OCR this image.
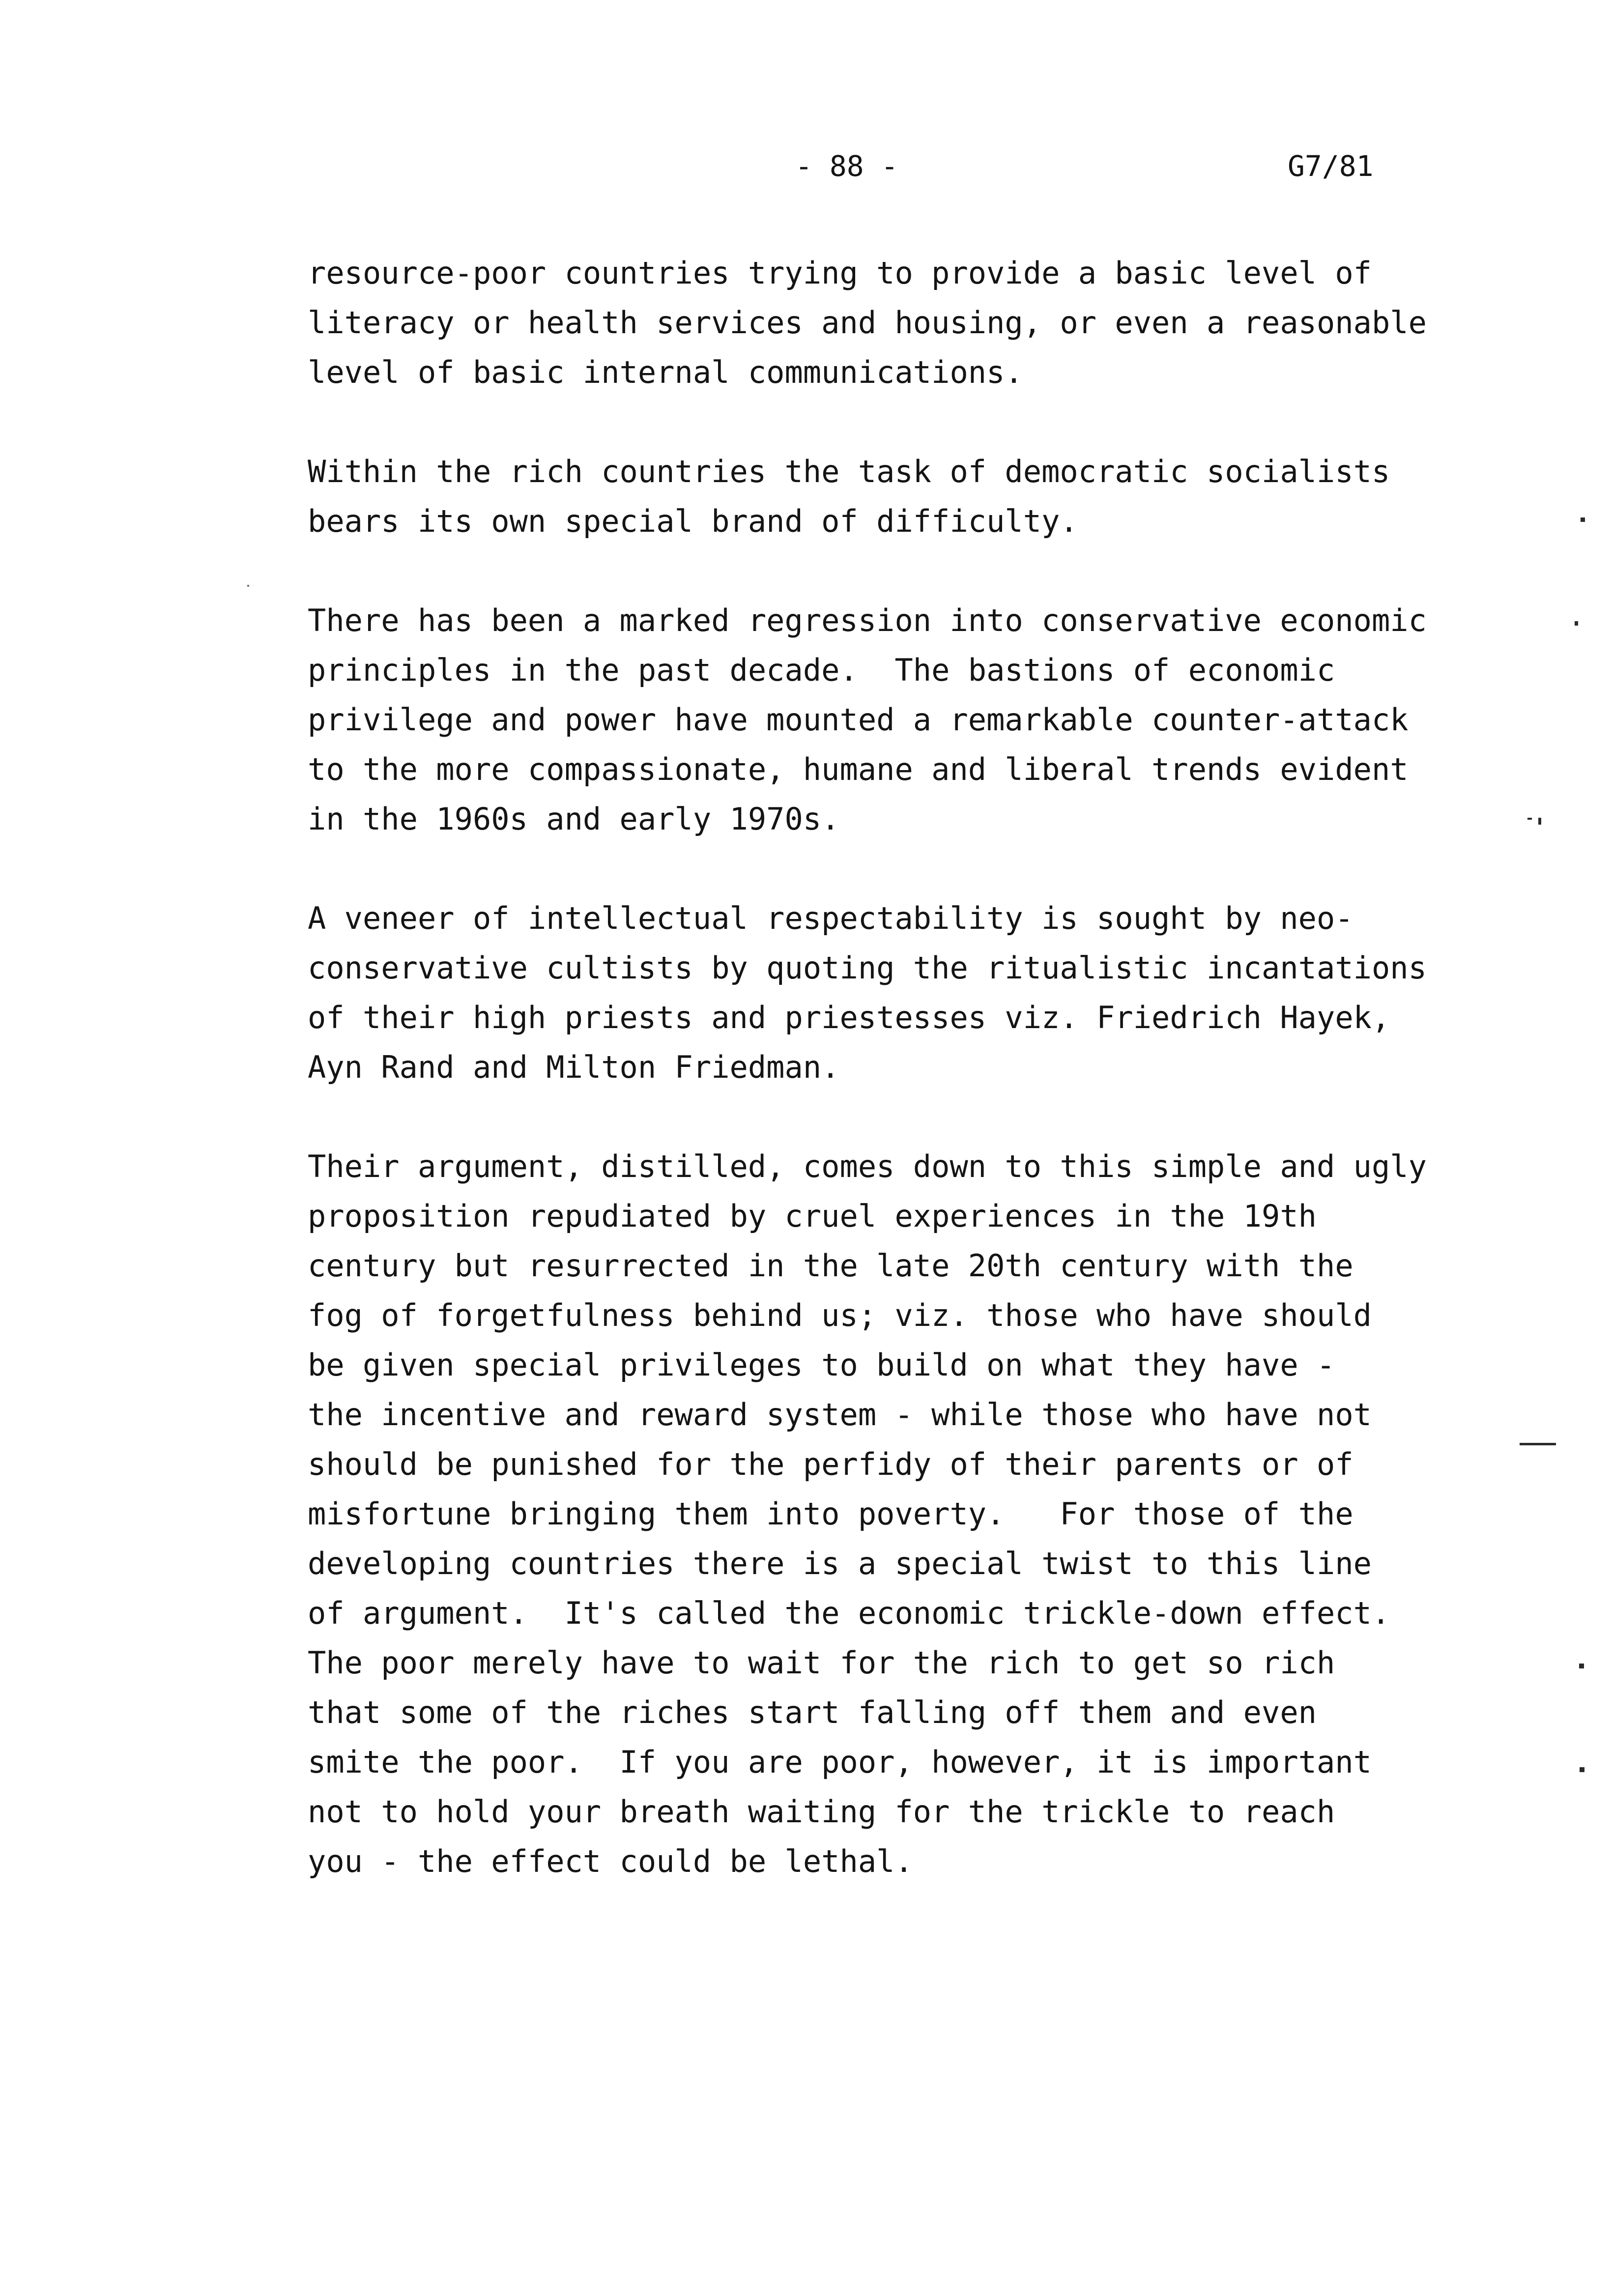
- 88 -	G7/81

resource-poor countries trying to provide a basic level of
literacy or health services and housing, or even a reasonable
level of basic internal communications.

Within the rich countries the task of democratic socialists
bears its own special brand of difficulty.

There has been a marked regression into conservative economic
principles in the past decade.  The bastions of economic
privilege and power have mounted a remarkable counter-attack
to the more compassionate, humane and liberal trends evident
in the 1960s and early 1970s.

A veneer of intellectual respectability is sought by neo-
conservative cultists by quoting the ritualistic incantations
of their high priests and priestesses viz. Friedrich Hayek,
Ayn Rand and Milton Friedman.

Their argument, distilled, comes down to this simple and ugly
proposition repudiated by cruel experiences in the 19th
century but resurrected in the late 20th century with the
fog of forgetfulness behind us; viz. those who have should
be given special privileges to build on what they have -
the incentive and reward system - while those who have not
should be punished for the perfidy of their parents or of
misfortune bringing them into poverty.   For those of the
developing countries there is a special twist to this line
of argument.  It's called the economic trickle-down effect.
The poor merely have to wait for the rich to get so rich
that some of the riches start falling off them and even
smite the poor.  If you are poor, however, it is important
not to hold your breath waiting for the trickle to reach
you - the effect could be lethal.
